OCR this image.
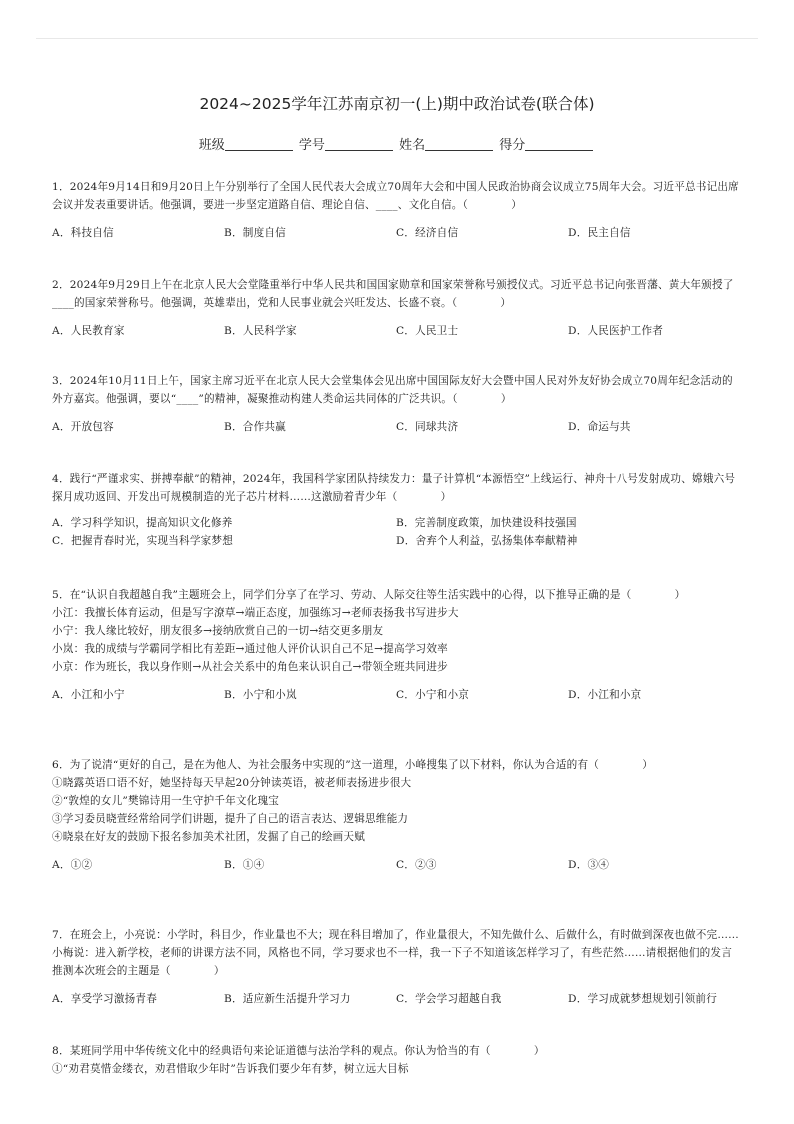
2024~2025学年江苏南京初一(上)期中政治试卷(联合体)
班级	学号	姓名	得分

1．2024年9月14日和9月20日上午分别举行了全国人民代表大会成立70周年大会和中国人民政治协商会议成立75周年大会。习近平总书记出席会议并发表重要讲话。他强调，要进一步坚定道路自信、理论自信、____、文化自信。（　　　　）

A．科技自信	B．制度自信	C．经济自信	D．民主自信

2．2024年9月29日上午在北京人民大会堂隆重举行中华人民共和国国家勋章和国家荣誉称号颁授仪式。习近平总书记向张晋藩、黄大年颁授了____的国家荣誉称号。他强调，英雄辈出，党和人民事业就会兴旺发达、长盛不衰。（　　　　）

A．人民教育家	B．人民科学家	C．人民卫士	D．人民医护工作者

3．2024年10月11日上午，国家主席习近平在北京人民大会堂集体会见出席中国国际友好大会暨中国人民对外友好协会成立70周年纪念活动的外方嘉宾。他强调，要以“____”的精神，凝聚推动构建人类命运共同体的广泛共识。（　　　　）

A．开放包容	B．合作共赢	C．同球共济	D．命运与共

4．践行“严谨求实、拼搏奉献”的精神，2024年，我国科学家团队持续发力：量子计算机“本源悟空”上线运行、神舟十八号发射成功、嫦娥六号探月成功返回、开发出可规模制造的光子芯片材料……这激励着青少年（　　　　）

A．学习科学知识，提高知识文化修养	B．完善制度政策，加快建设科技强国
C．把握青春时光，实现当科学家梦想	D．舍弃个人利益，弘扬集体奉献精神

5．在“认识自我超越自我”主题班会上，同学们分享了在学习、劳动、人际交往等生活实践中的心得，以下推导正确的是（　　　　）

小江：我擅长体育运动，但是写字潦草→端正态度，加强练习→老师表扬我书写进步大

小宁：我人缘比较好，朋友很多→接纳欣赏自己的一切→结交更多朋友

小岚：我的成绩与学霸同学相比有差距→通过他人评价认识自己不足→提高学习效率

小京：作为班长，我以身作则→从社会关系中的角色来认识自己→带领全班共同进步

A．小江和小宁	B．小宁和小岚	C．小宁和小京	D．小江和小京

6．为了说清“更好的自己，是在为他人、为社会服务中实现的”这一道理，小峰搜集了以下材料，你认为合适的有（　　　　）

①晓露英语口语不好，她坚持每天早起20分钟读英语，被老师表扬进步很大

②“敦煌的女儿”樊锦诗用一生守护千年文化瑰宝

③学习委员晓萱经常给同学们讲题，提升了自己的语言表达、逻辑思维能力

④晓泉在好友的鼓励下报名参加美术社团，发掘了自己的绘画天赋

A．①②	B．①④	C．②③	D．③④

7．在班会上，小亮说：小学时，科目少，作业量也不大；现在科目增加了，作业量很大，不知先做什么、后做什么，有时做到深夜也做不完……小梅说：进入新学校，老师的讲课方法不同，风格也不同，学习要求也不一样，我一下子不知道该怎样学习了，有些茫然……请根据他们的发言推测本次班会的主题是（　　　　）

A．享受学习激扬青春	B．适应新生活提升学习力	C．学会学习超越自我	D．学习成就梦想规划引领前行

8．某班同学用中华传统文化中的经典语句来论证道德与法治学科的观点。你认为恰当的有（　　　　）

①“劝君莫惜金缕衣，劝君惜取少年时”告诉我们要少年有梦，树立远大目标
